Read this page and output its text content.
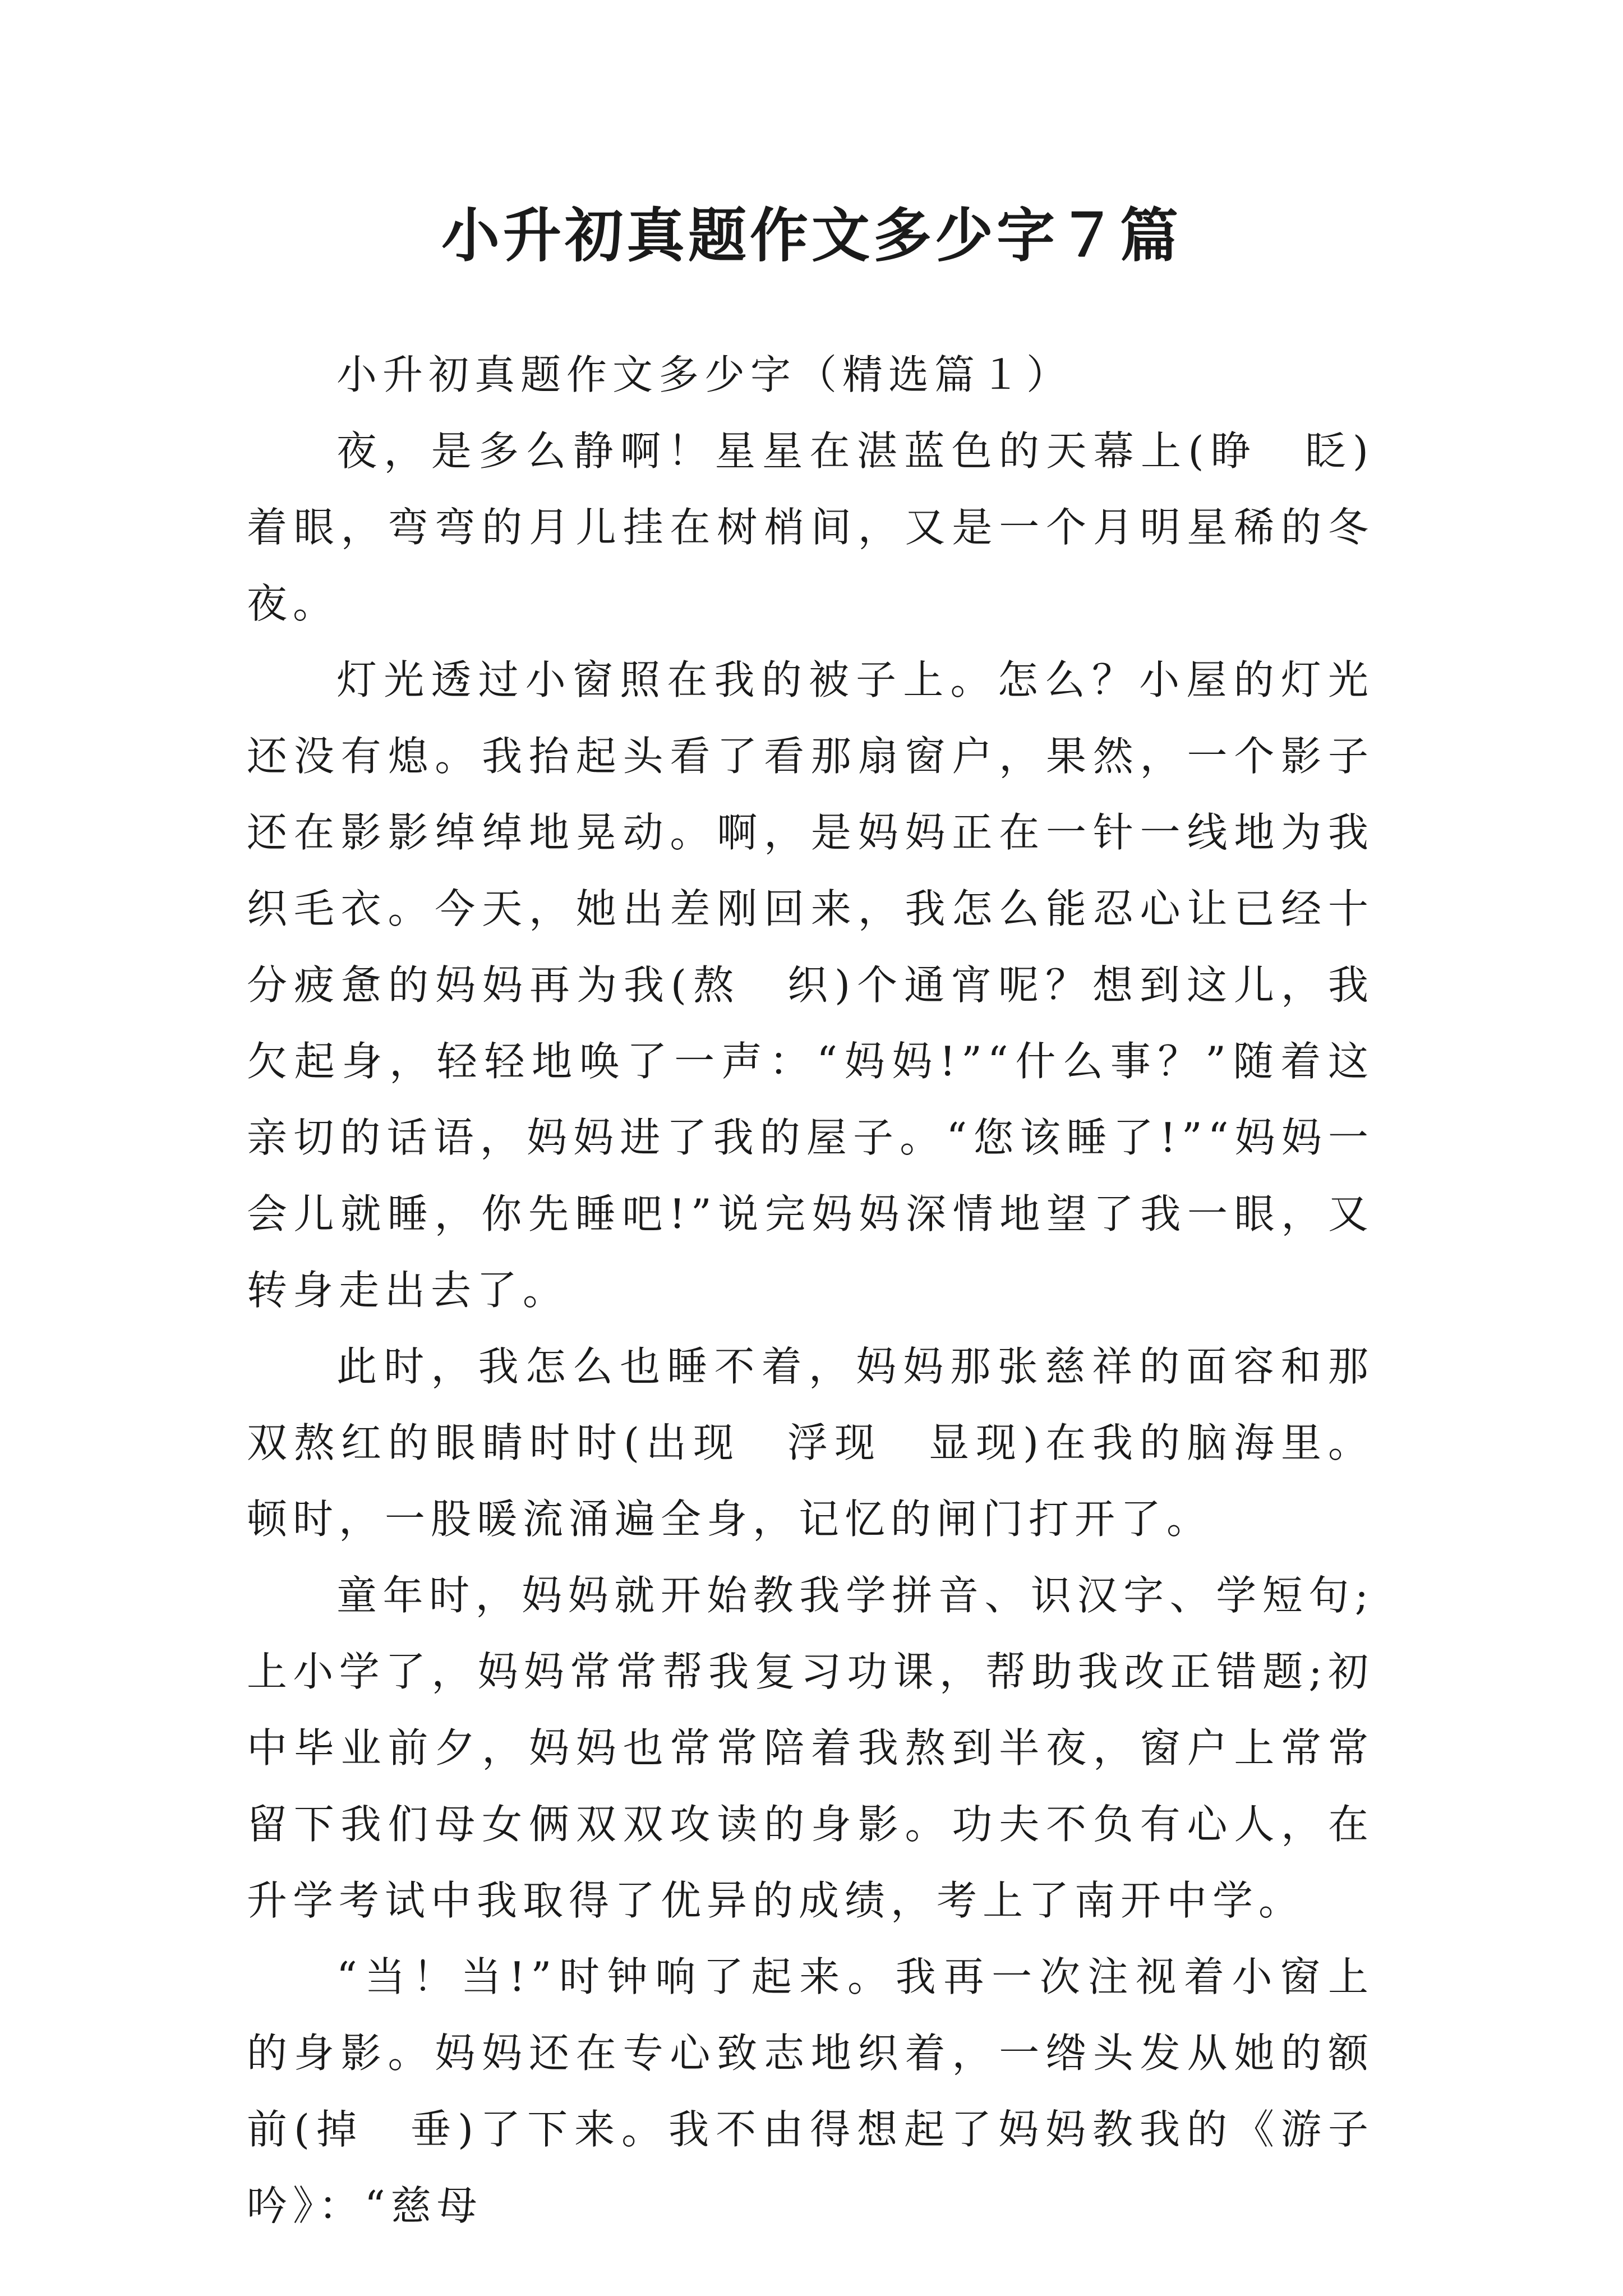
小升初真题作文多少字７篇

小升初真题作文多少字（精选篇１）

夜，是多么静啊！星星在湛蓝色的天幕上(睁　眨)着眼，弯弯的月儿挂在树梢间，又是一个月明星稀的冬夜。

灯光透过小窗照在我的被子上。怎么？小屋的灯光还没有熄。我抬起头看了看那扇窗户，果然，一个影子还在影影绰绰地晃动。啊，是妈妈正在一针一线地为我织毛衣。今天，她出差刚回来，我怎么能忍心让已经十分疲惫的妈妈再为我(熬　织)个通宵呢？想到这儿，我欠起身，轻轻地唤了一声：“妈妈!”“什么事？”随着这亲切的话语，妈妈进了我的屋子。“您该睡了!”“妈妈一会儿就睡，你先睡吧!”说完妈妈深情地望了我一眼，又转身走出去了。

此时，我怎么也睡不着，妈妈那张慈祥的面容和那双熬红的眼睛时时(出现　浮现　显现)在我的脑海里。顿时，一股暖流涌遍全身，记忆的闸门打开了。

童年时，妈妈就开始教我学拼音、识汉字、学短句;上小学了，妈妈常常帮我复习功课，帮助我改正错题;初中毕业前夕，妈妈也常常陪着我熬到半夜，窗户上常常留下我们母女俩双双攻读的身影。功夫不负有心人，在升学考试中我取得了优异的成绩，考上了南开中学。

“当！当!”时钟响了起来。我再一次注视着小窗上的身影。妈妈还在专心致志地织着，一绺头发从她的额前(掉　垂)了下来。我不由得想起了妈妈教我的《游子吟》：“慈母
